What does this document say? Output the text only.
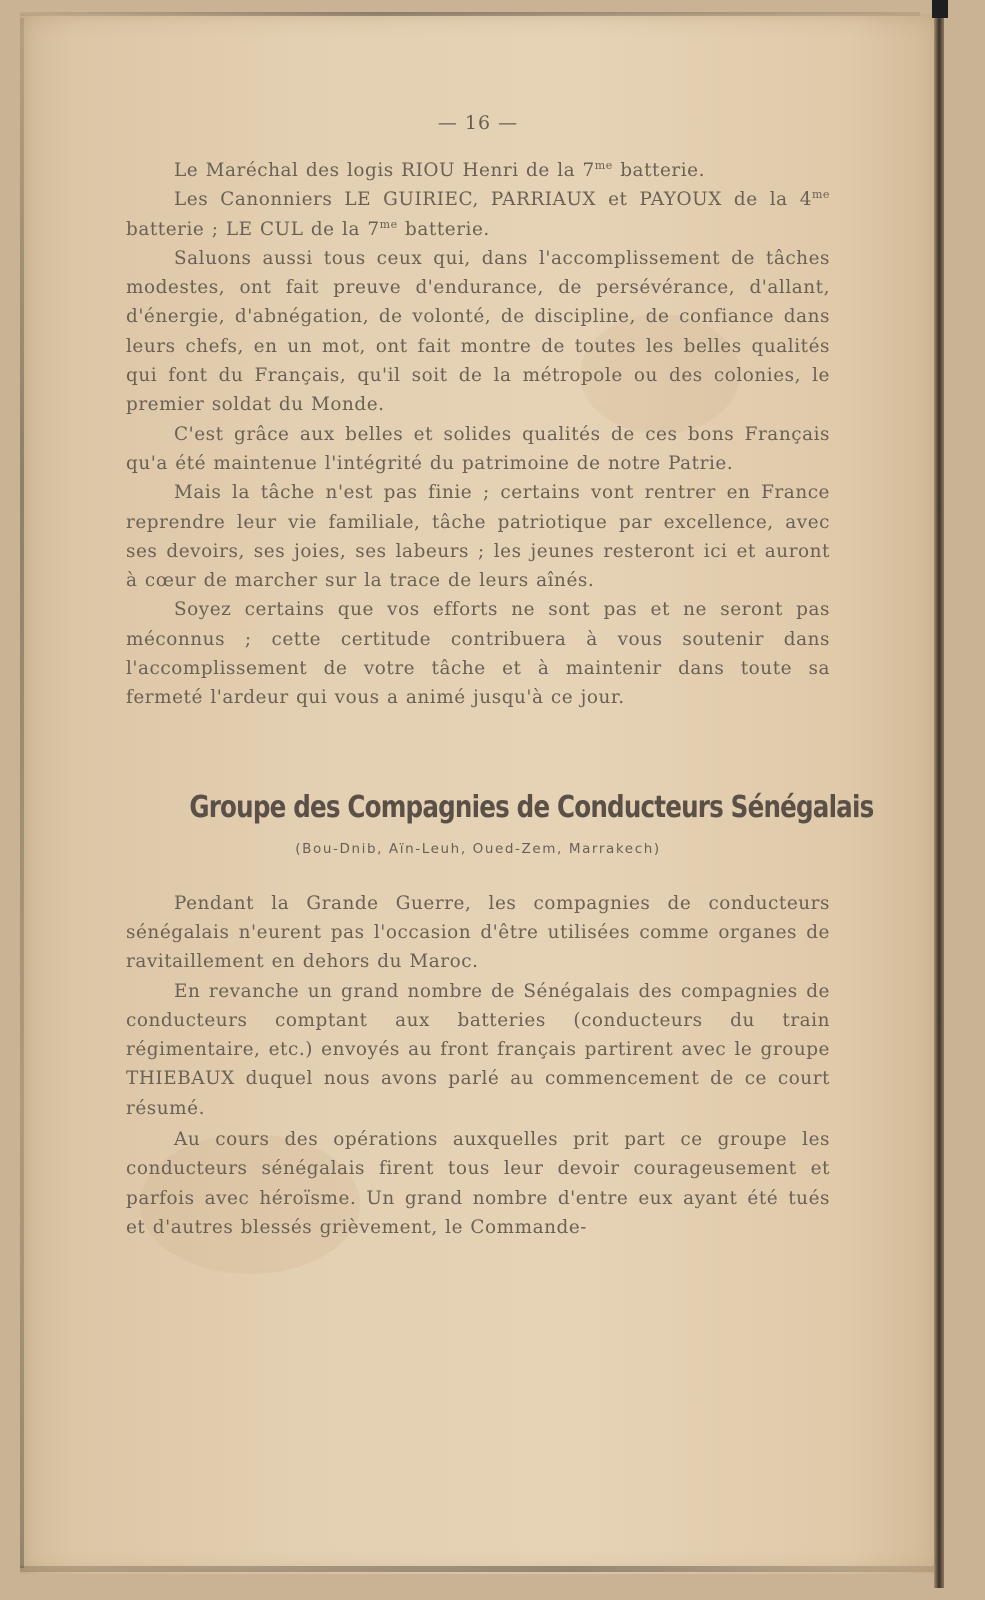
— 16 —

Le Maréchal des logis RIOU Henri de la $7^{me}$ batterie.

Les Canonniers LE GUIRIEC, PARRIAUX et PAYOUX de la $4^{me}$ batterie ; LE CUL de la $7^{me}$ batterie.

Saluons aussi tous ceux qui, dans l'accomplissement de tâches modestes, ont fait preuve d'endurance, de persévérance, d'allant, d'énergie, d'abnégation, de volonté, de discipline, de confiance dans leurs chefs, en un mot, ont fait montre de toutes les belles qualités qui font du Français, qu'il soit de la métropole ou des colonies, le premier soldat du Monde.

C'est grâce aux belles et solides qualités de ces bons Français qu'a été maintenue l'intégrité du patrimoine de notre Patrie.

Mais la tâche n'est pas finie ; certains vont rentrer en France reprendre leur vie familiale, tâche patriotique par excellence, avec ses devoirs, ses joies, ses labeurs ; les jeunes resteront ici et auront à cœur de marcher sur la trace de leurs aînés.

Soyez certains que vos efforts ne sont pas et ne seront pas méconnus ; cette certitude contribuera à vous soutenir dans l'accomplissement de votre tâche et à maintenir dans toute sa fermeté l'ardeur qui vous a animé jusqu'à ce jour.

Groupe des Compagnies de Conducteurs Sénégalais
(Bou-Dnib, Aïn-Leuh, Oued-Zem, Marrakech)

Pendant la Grande Guerre, les compagnies de conducteurs sénégalais n'eurent pas l'occasion d'être utilisées comme organes de ravitaillement en dehors du Maroc.

En revanche un grand nombre de Sénégalais des compagnies de conducteurs comptant aux batteries (conducteurs du train régimentaire, etc.) envoyés au front français partirent avec le groupe THIEBAUX duquel nous avons parlé au commencement de ce court résumé.

Au cours des opérations auxquelles prit part ce groupe les conducteurs sénégalais firent tous leur devoir courageusement et parfois avec héroïsme. Un grand nombre d'entre eux ayant été tués et d'autres blessés grièvement, le Commande-
